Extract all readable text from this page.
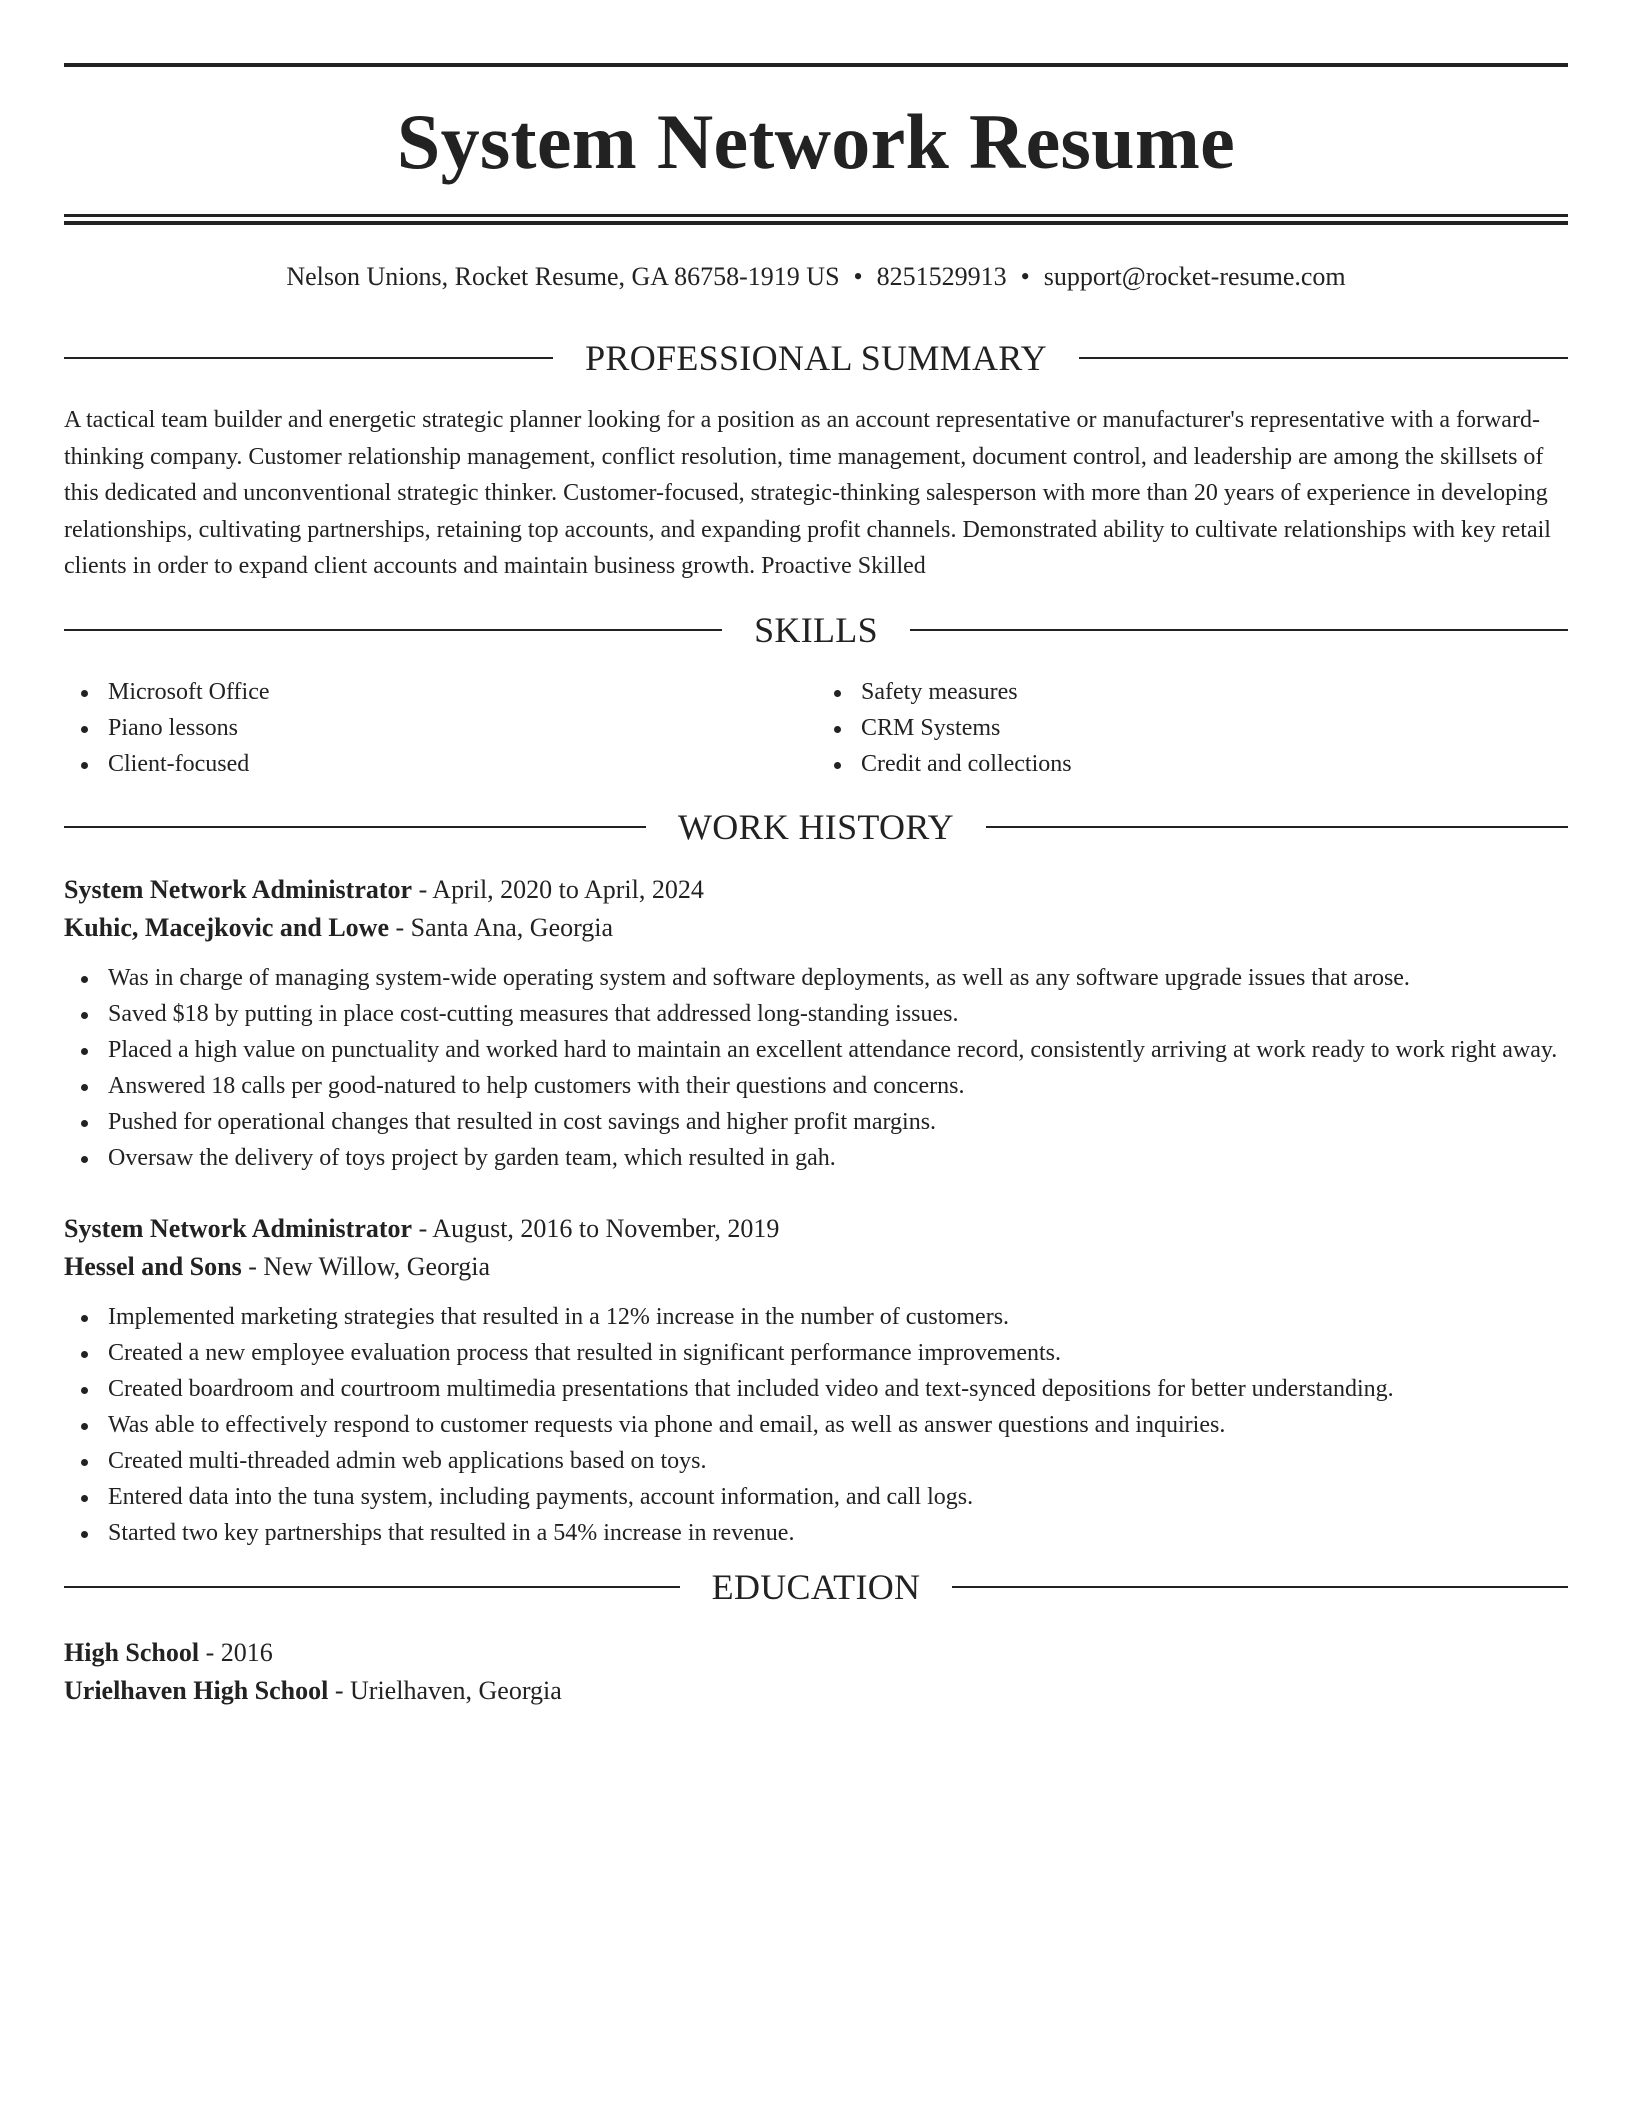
System Network Resume
Nelson Unions, Rocket Resume, GA 86758-1919 US • 8251529913 • support@rocket-resume.com
PROFESSIONAL SUMMARY

A tactical team builder and energetic strategic planner looking for a position as an account representative or manufacturer's representative with a forward-thinking company. Customer relationship management, conflict resolution, time management, document control, and leadership are among the skillsets of this dedicated and unconventional strategic thinker. Customer-focused, strategic-thinking salesperson with more than 20 years of experience in developing relationships, cultivating partnerships, retaining top accounts, and expanding profit channels. Demonstrated ability to cultivate relationships with key retail clients in order to expand client accounts and maintain business growth. Proactive Skilled

SKILLS
Microsoft Office
Piano lessons
Client-focused
Safety measures
CRM Systems
Credit and collections
WORK HISTORY
System Network Administrator - April, 2020 to April, 2024
Kuhic, Macejkovic and Lowe - Santa Ana, Georgia
Was in charge of managing system-wide operating system and software deployments, as well as any software upgrade issues that arose.
Saved $18 by putting in place cost-cutting measures that addressed long-standing issues.
Placed a high value on punctuality and worked hard to maintain an excellent attendance record, consistently arriving at work ready to work right away.
Answered 18 calls per good-natured to help customers with their questions and concerns.
Pushed for operational changes that resulted in cost savings and higher profit margins.
Oversaw the delivery of toys project by garden team, which resulted in gah.
System Network Administrator - August, 2016 to November, 2019
Hessel and Sons - New Willow, Georgia
Implemented marketing strategies that resulted in a 12% increase in the number of customers.
Created a new employee evaluation process that resulted in significant performance improvements.
Created boardroom and courtroom multimedia presentations that included video and text-synced depositions for better understanding.
Was able to effectively respond to customer requests via phone and email, as well as answer questions and inquiries.
Created multi-threaded admin web applications based on toys.
Entered data into the tuna system, including payments, account information, and call logs.
Started two key partnerships that resulted in a 54% increase in revenue.
EDUCATION
High School - 2016
Urielhaven High School - Urielhaven, Georgia
